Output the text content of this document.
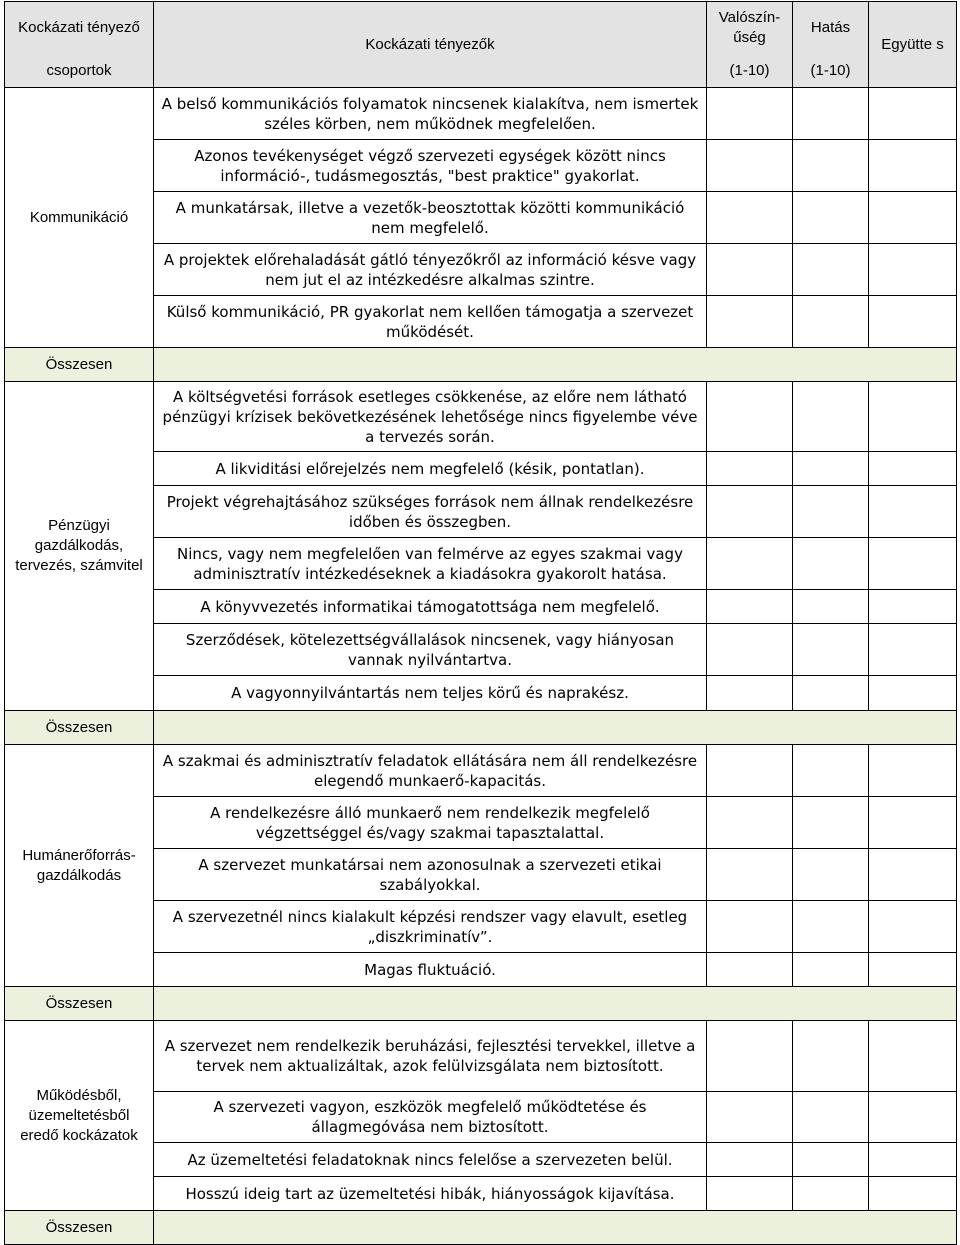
Kockázati tényező	Kockázati tényezők	Valószínűség	Hatás	Együtte s
csoportok		(1-10)	(1-10)	
Kommunikáció	A belső kommunikációs folyamatok nincsenek kialakítva, nem ismertek széles körben, nem működnek megfelelően.			
	Azonos tevékenységet végző szervezeti egységek között nincs információ-, tudásmegosztás, "best praktice" gyakorlat.			
	A munkatársak, illetve a vezetők-beosztottak közötti kommunikáció nem megfelelő.			
	A projektek előrehaladását gátló tényezőkről az információ késve vagy nem jut el az intézkedésre alkalmas szintre.			
	Külső kommunikáció, PR gyakorlat nem kellően támogatja a szervezet működését.			
Összesen				
Pénzügyi gazdálkodás, tervezés, számvitel	A költségvetési források esetleges csökkenése, az előre nem látható pénzügyi krízisek bekövetkezésének lehetősége nincs figyelembe véve a tervezés során.			
	A likviditási előrejelzés nem megfelelő (késik, pontatlan).			
	Projekt végrehajtásához szükséges források nem állnak rendelkezésre időben és összegben.			
	Nincs, vagy nem megfelelően van felmérve az egyes szakmai vagy adminisztratív intézkedéseknek a kiadásokra gyakorolt hatása.			
	A könyvvezetés informatikai támogatottsága nem megfelelő.			
	Szerződések, kötelezettségvállalások nincsenek, vagy hiányosan vannak nyilvántartva.			
	A vagyonnyilvántartás nem teljes körű és naprakész.			
Összesen				
Humánerőforrás-gazdálkodás	A szakmai és adminisztratív feladatok ellátására nem áll rendelkezésre elegendő munkaerő-kapacitás.			
	A rendelkezésre álló munkaerő nem rendelkezik megfelelő végzettséggel és/vagy szakmai tapasztalattal.			
	A szervezet munkatársai nem azonosulnak a szervezeti etikai szabályokkal.			
	A szervezetnél nincs kialakult képzési rendszer vagy elavult, esetleg „diszkriminatív”.			
	Magas fluktuáció.			
Összesen				
Működésből, üzemeltetésből eredő kockázatok	A szervezet nem rendelkezik beruházási, fejlesztési tervekkel, illetve a tervek nem aktualizáltak, azok felülvizsgálata nem biztosított.			
	A szervezeti vagyon, eszközök megfelelő működtetése és állagmegóvása nem biztosított.			
	Az üzemeltetési feladatoknak nincs felelőse a szervezeten belül.			
	Hosszú ideig tart az üzemeltetési hibák, hiányosságok kijavítása.			
Összesen				
